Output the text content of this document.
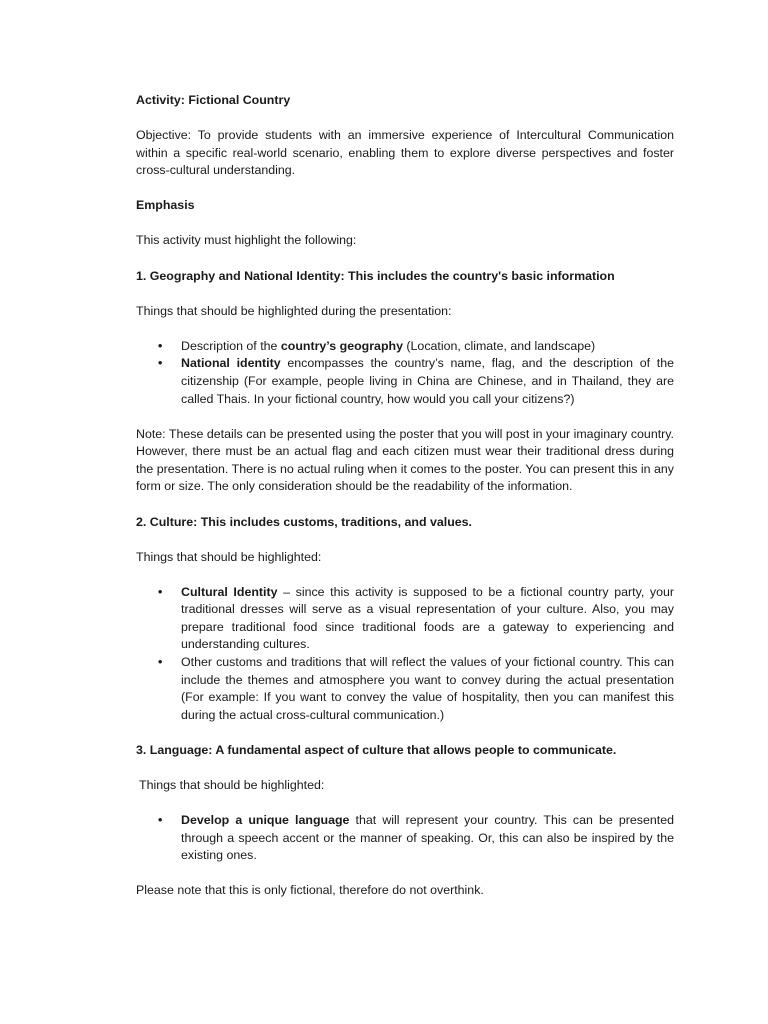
Activity: Fictional Country

Objective: To provide students with an immersive experience of Intercultural Communication within a specific real-world scenario, enabling them to explore diverse perspectives and foster cross-cultural understanding.

Emphasis

This activity must highlight the following:

1. Geography and National Identity: This includes the country's basic information

Things that should be highlighted during the presentation:

• Description of the country’s geography (Location, climate, and landscape)
• National identity encompasses the country’s name, flag, and the description of the citizenship (For example, people living in China are Chinese, and in Thailand, they are called Thais. In your fictional country, how would you call your citizens?)

Note: These details can be presented using the poster that you will post in your imaginary country. However, there must be an actual flag and each citizen must wear their traditional dress during the presentation. There is no actual ruling when it comes to the poster. You can present this in any form or size. The only consideration should be the readability of the information.

2. Culture: This includes customs, traditions, and values.

Things that should be highlighted:

• Cultural Identity – since this activity is supposed to be a fictional country party, your traditional dresses will serve as a visual representation of your culture. Also, you may prepare traditional food since traditional foods are a gateway to experiencing and understanding cultures.
• Other customs and traditions that will reflect the values of your fictional country. This can include the themes and atmosphere you want to convey during the actual presentation (For example: If you want to convey the value of hospitality, then you can manifest this during the actual cross-cultural communication.)

3. Language: A fundamental aspect of culture that allows people to communicate.

Things that should be highlighted:

• Develop a unique language that will represent your country. This can be presented through a speech accent or the manner of speaking. Or, this can also be inspired by the existing ones.

Please note that this is only fictional, therefore do not overthink.
